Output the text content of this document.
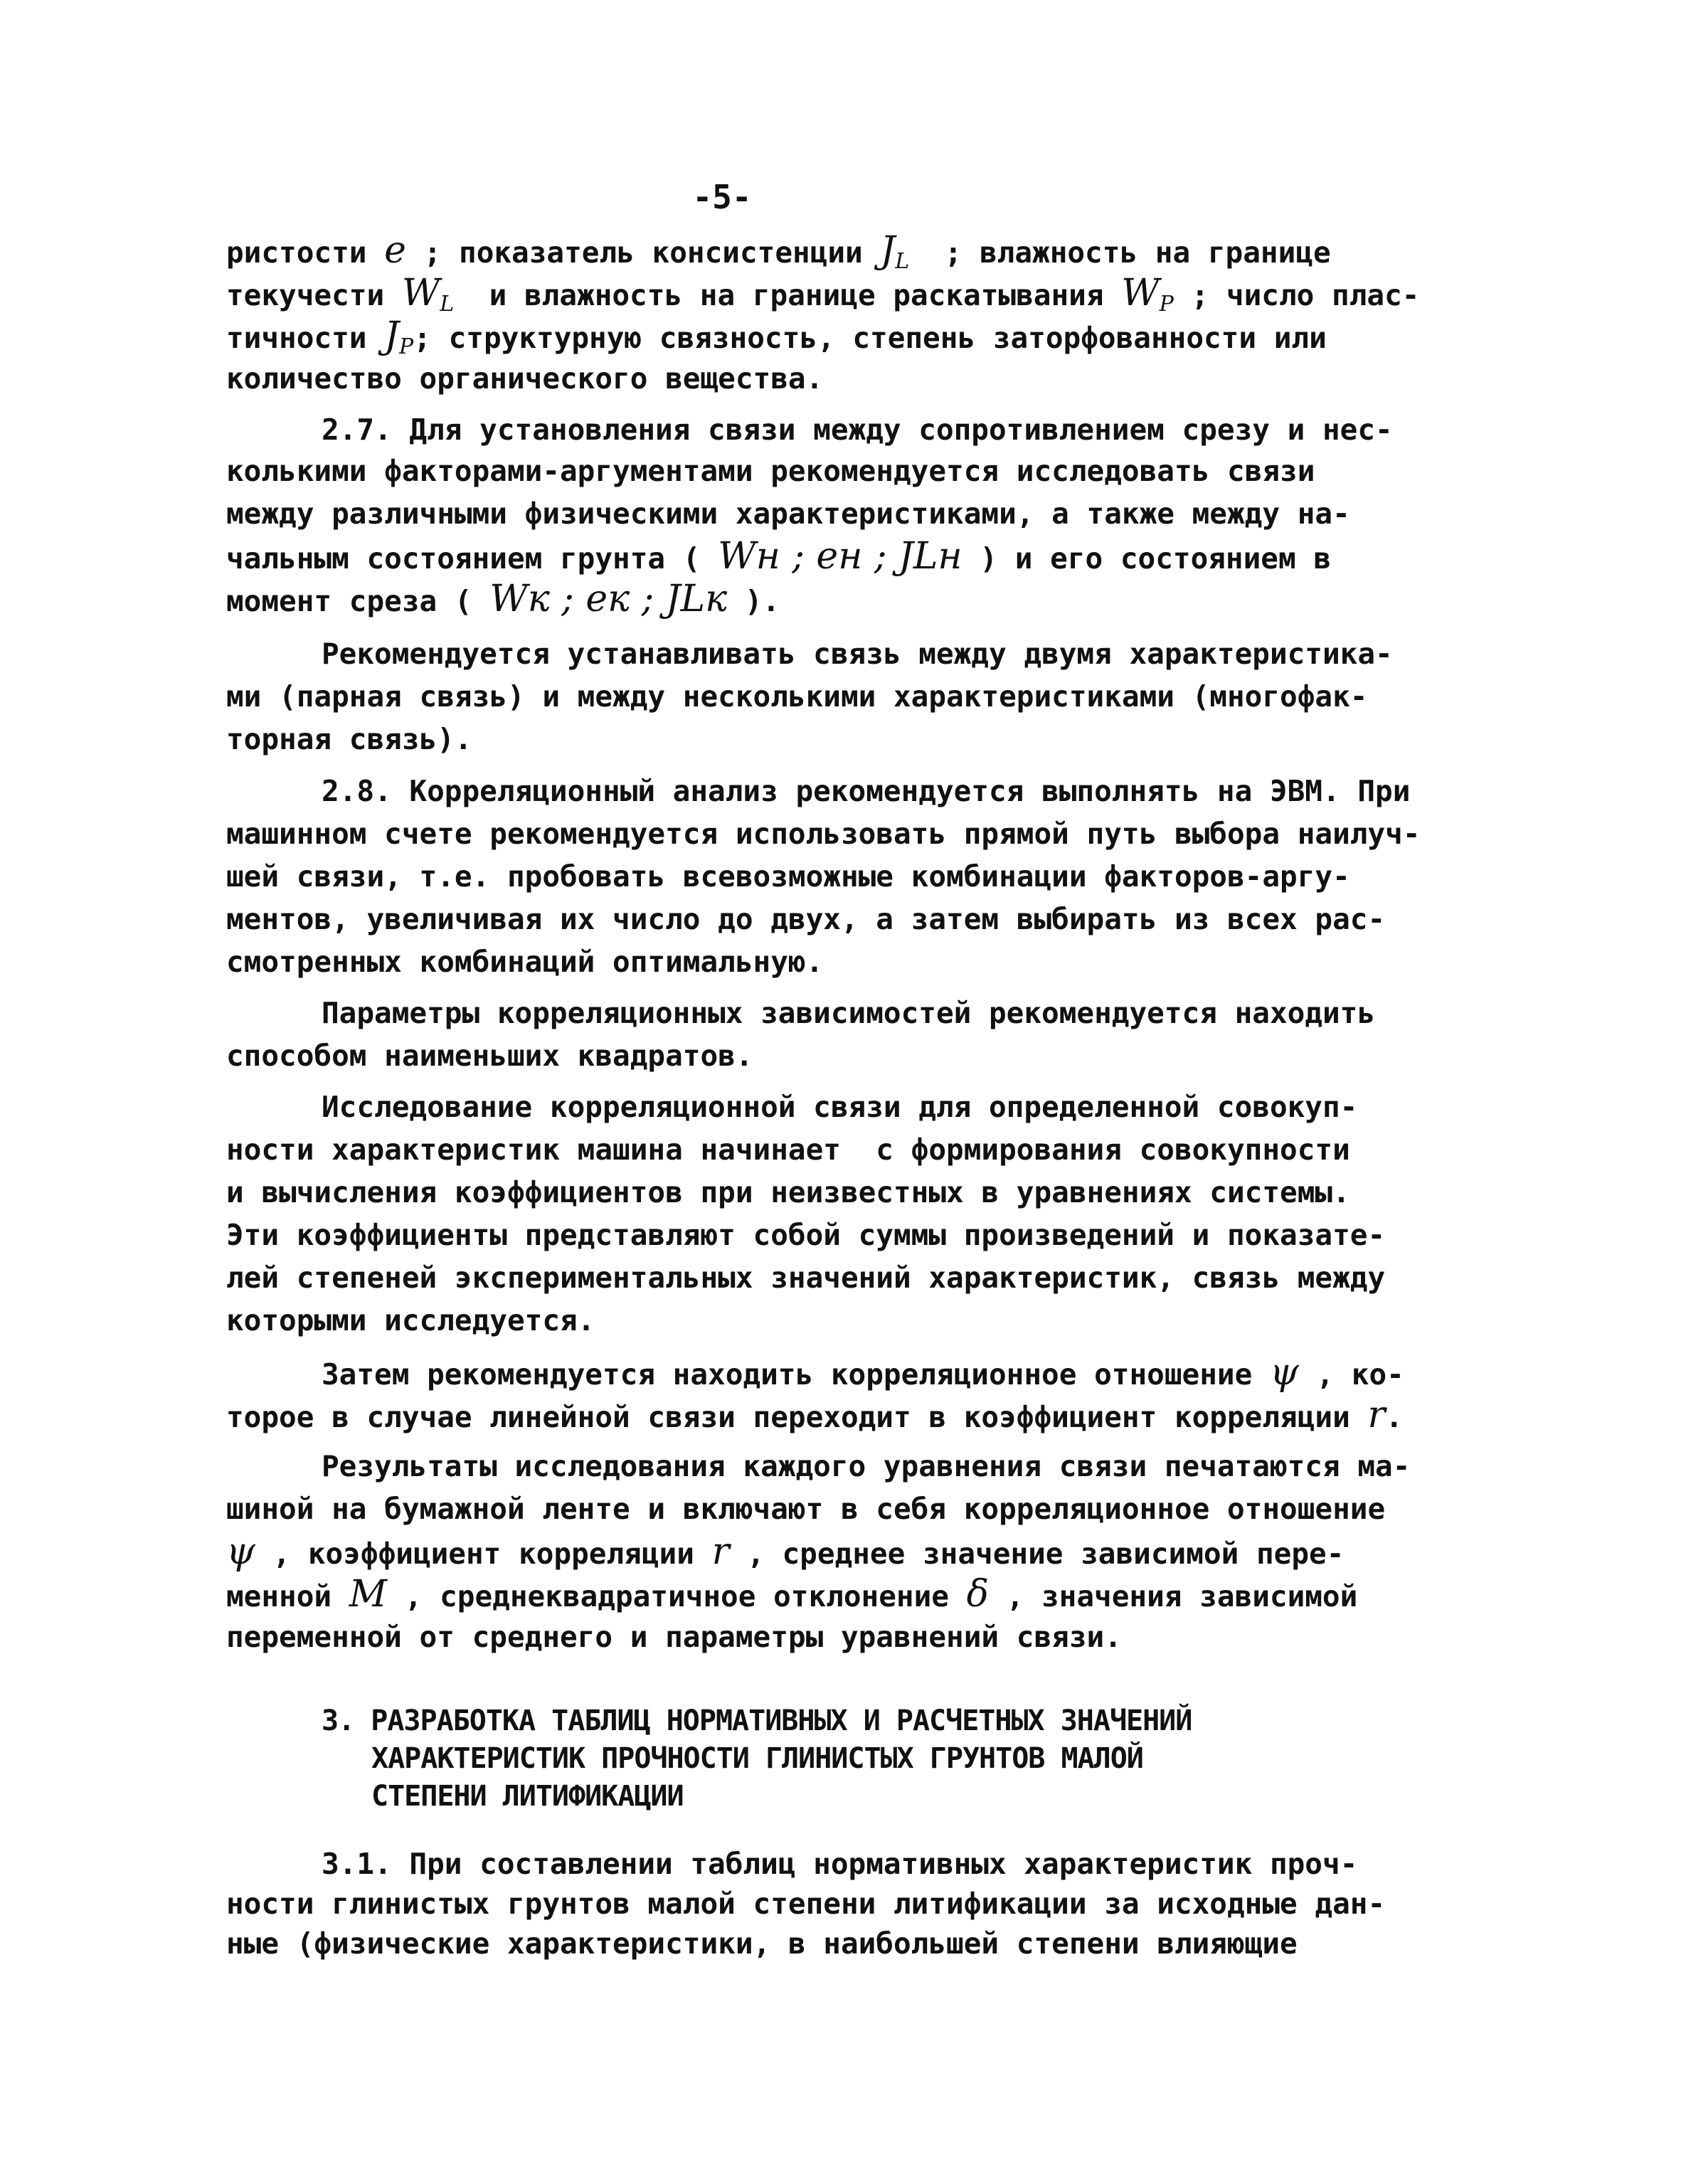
-5-
ристости e ; показатель консистенции JL  ; влажность на границе
текучести WL  и влажность на границе раскатывания WP ; число плас-
тичности JP; структурную связность, степень заторфованности или
количество органического вещества.
2.7. Для установления связи между сопротивлением срезу и нес-
колькими факторами-аргументами рекомендуется исследовать связи
между различными физическими характеристиками, а также между на-
чальным состоянием грунта ( Wн ; eн ; JLн ) и его состоянием в
момент среза ( Wк ; eк ; JLк ).
Рекомендуется устанавливать связь между двумя характеристика-
ми (парная связь) и между несколькими характеристиками (многофак-
торная связь).
2.8. Корреляционный анализ рекомендуется выполнять на ЭВМ. При
машинном счете рекомендуется использовать прямой путь выбора наилуч-
шей связи, т.е. пробовать всевозможные комбинации факторов-аргу-
ментов, увеличивая их число до двух, а затем выбирать из всех рас-
смотренных комбинаций оптимальную.
Параметры корреляционных зависимостей рекомендуется находить
способом наименьших квадратов.
Исследование корреляционной связи для определенной совокуп-
ности характеристик машина начинает  с формирования совокупности
и вычисления коэффициентов при неизвестных в уравнениях системы.
Эти коэффициенты представляют собой суммы произведений и показате-
лей степеней экспериментальных значений характеристик, связь между
которыми исследуется.
Затем рекомендуется находить корреляционное отношение ψ , ко-
торое в случае линейной связи переходит в коэффициент корреляции r.
Результаты исследования каждого уравнения связи печатаются ма-
шиной на бумажной ленте и включают в себя корреляционное отношение
ψ , коэффициент корреляции r , среднее значение зависимой пере-
менной M , среднеквадратичное отклонение δ , значения зависимой
переменной от среднего и параметры уравнений связи.
3. РАЗРАБОТКА ТАБЛИЦ НОРМАТИВНЫХ И РАСЧЕТНЫХ ЗНАЧЕНИЙ
ХАРАКТЕРИСТИК ПРОЧНОСТИ ГЛИНИСТЫХ ГРУНТОВ МАЛОЙ
СТЕПЕНИ ЛИТИФИКАЦИИ
3.1. При составлении таблиц нормативных характеристик проч-
ности глинистых грунтов малой степени литификации за исходные дан-
ные (физические характеристики, в наибольшей степени влияющие
